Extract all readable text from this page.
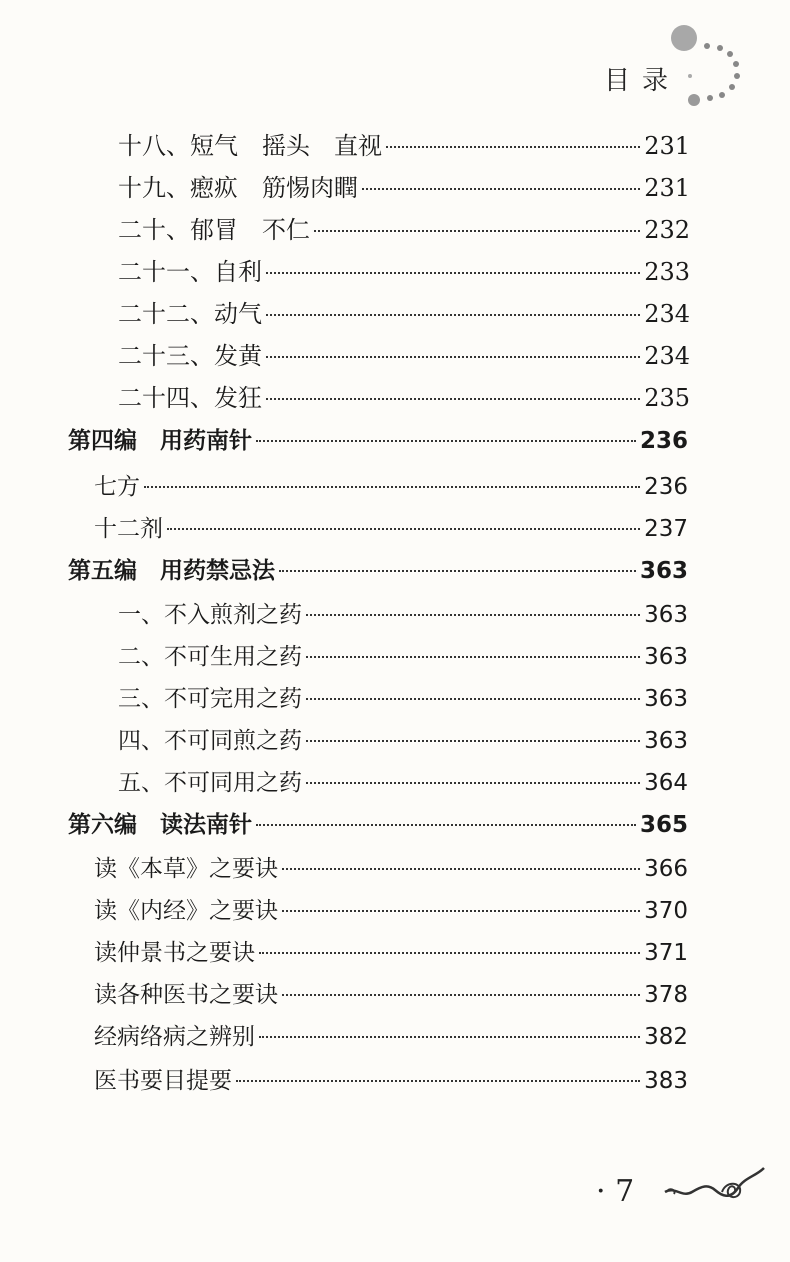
目录
十八、短气　摇头　直视	231
十九、瘛疭　筋惕肉瞤	231
二十、郁冒　不仁	232
二十一、自利	233
二十二、动气	234
二十三、发黄	234
二十四、发狂	235
第四编　用药南针	236
七方	236
十二剂	237
第五编　用药禁忌法	363
一、不入煎剂之药	363
二、不可生用之药	363
三、不可完用之药	363
四、不可同煎之药	363
五、不可同用之药	364
第六编　读法南针	365
读《本草》之要诀	366
读《内经》之要诀	370
读仲景书之要诀	371
读各种医书之要诀	378
经病络病之辨别	382
医书要目提要	383
· 7
